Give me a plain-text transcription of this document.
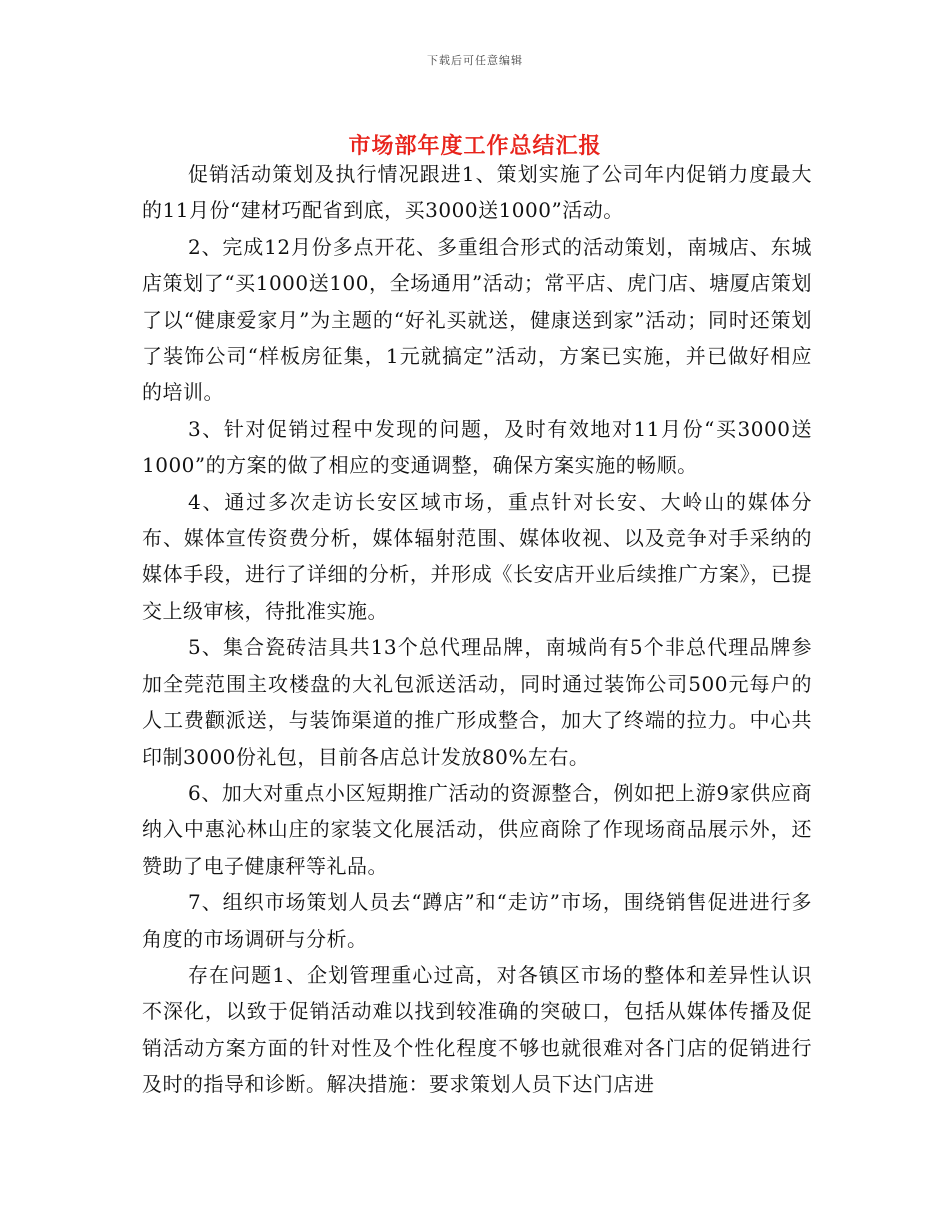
下载后可任意编辑
市场部年度工作总结汇报

促销活动策划及执行情况跟进1、策划实施了公司年内促销力度最大的11月份“建材巧配省到底，买3000送1000”活动。

2、完成12月份多点开花、多重组合形式的活动策划，南城店、东城店策划了“买1000送100，全场通用”活动；常平店、虎门店、塘厦店策划了以“健康爱家月”为主题的“好礼买就送，健康送到家”活动；同时还策划了装饰公司“样板房征集，1元就搞定”活动，方案已实施，并已做好相应的培训。

3、针对促销过程中发现的问题，及时有效地对11月份“买3000送1000”的方案的做了相应的变通调整，确保方案实施的畅顺。

4、通过多次走访长安区域市场，重点针对长安、大岭山的媒体分布、媒体宣传资费分析，媒体辐射范围、媒体收视、以及竞争对手采纳的媒体手段，进行了详细的分析，并形成《长安店开业后续推广方案》，已提交上级审核，待批准实施。

5、集合瓷砖洁具共13个总代理品牌，南城尚有5个非总代理品牌参加全莞范围主攻楼盘的大礼包派送活动，同时通过装饰公司500元每户的人工费颧派送，与装饰渠道的推广形成整合，加大了终端的拉力。中心共印制3000份礼包，目前各店总计发放80%左右。

6、加大对重点小区短期推广活动的资源整合，例如把上游9家供应商纳入中惠沁林山庄的家装文化展活动，供应商除了作现场商品展示外，还赞助了电子健康秤等礼品。

7、组织市场策划人员去“蹲店”和“走访”市场，围绕销售促进进行多角度的市场调研与分析。

存在问题1、企划管理重心过高，对各镇区市场的整体和差异性认识不深化，以致于促销活动难以找到较准确的突破口，包括从媒体传播及促销活动方案方面的针对性及个性化程度不够也就很难对各门店的促销进行及时的指导和诊断。解决措施：要求策划人员下达门店进
